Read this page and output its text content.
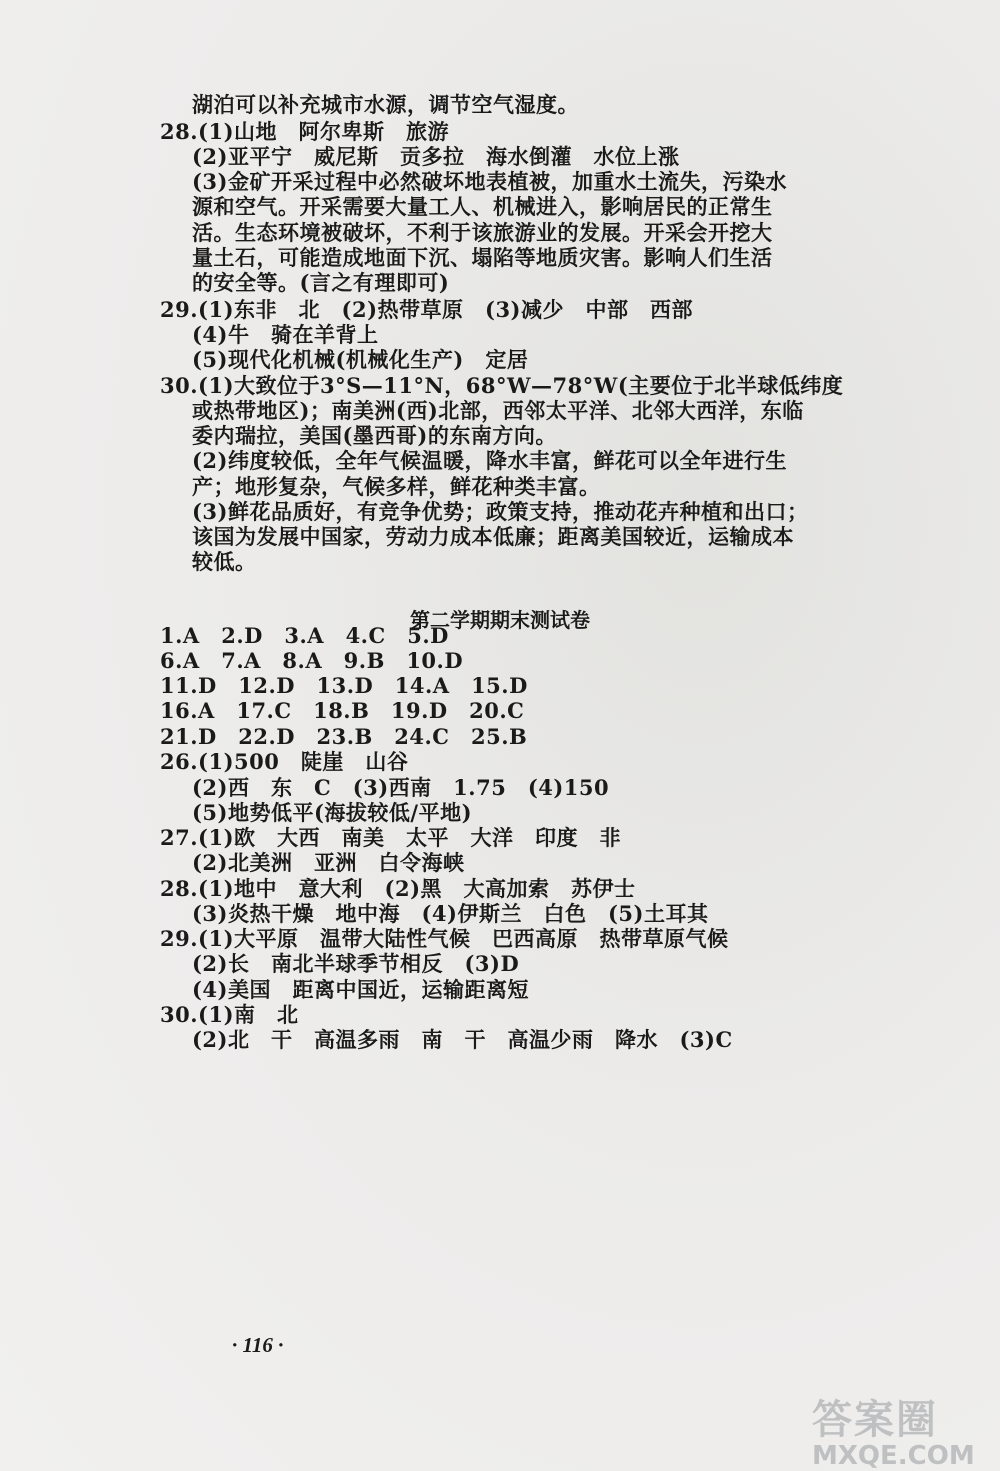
湖泊可以补充城市水源，调节空气湿度。
28.(1)山地　阿尔卑斯　旅游
(2)亚平宁　威尼斯　贡多拉　海水倒灌　水位上涨
(3)金矿开采过程中必然破坏地表植被，加重水土流失，污染水
源和空气。开采需要大量工人、机械进入，影响居民的正常生
活。生态环境被破坏，不利于该旅游业的发展。开采会开挖大
量土石，可能造成地面下沉、塌陷等地质灾害。影响人们生活
的安全等。(言之有理即可)
29.(1)东非　北　(2)热带草原　(3)减少　中部　西部
(4)牛　骑在羊背上
(5)现代化机械(机械化生产)　定居
30.(1)大致位于3°S—11°N，68°W—78°W(主要位于北半球低纬度
或热带地区)；南美洲(西)北部，西邻太平洋、北邻大西洋，东临
委内瑞拉，美国(墨西哥)的东南方向。
(2)纬度较低，全年气候温暖，降水丰富，鲜花可以全年进行生
产；地形复杂，气候多样，鲜花种类丰富。
(3)鲜花品质好，有竞争优势；政策支持，推动花卉种植和出口；
该国为发展中国家，劳动力成本低廉；距离美国较近，运输成本
较低。
1.A　2.D　3.A　4.C　5.D
6.A　7.A　8.A　9.B　10.D
11.D　12.D　13.D　14.A　15.D
16.A　17.C　18.B　19.D　20.C
21.D　22.D　23.B　24.C　25.B
26.(1)500　陡崖　山谷
(2)西　东　C　(3)西南　1.75　(4)150
(5)地势低平(海拔较低/平地)
27.(1)欧　大西　南美　太平　大洋　印度　非
(2)北美洲　亚洲　白令海峡
28.(1)地中　意大利　(2)黑　大高加索　苏伊士
(3)炎热干燥　地中海　(4)伊斯兰　白色　(5)土耳其
29.(1)大平原　温带大陆性气候　巴西高原　热带草原气候
(2)长　南北半球季节相反　(3)D
(4)美国　距离中国近，运输距离短
30.(1)南　北
(2)北　干　高温多雨　南　干　高温少雨　降水　(3)C
第二学期期末测试卷
· 116 ·
答案圈
MXQE.COM
